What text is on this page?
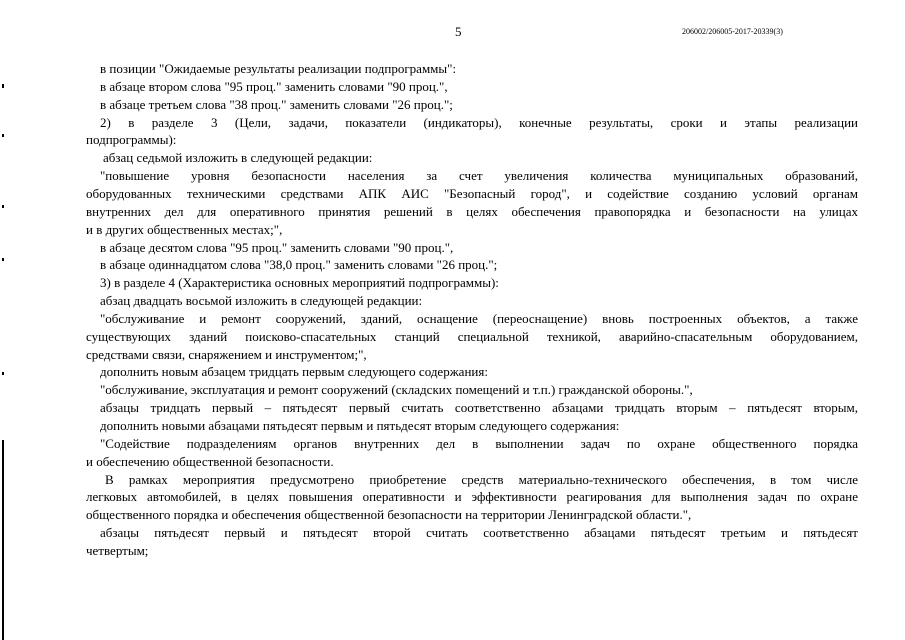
5	206002/206005-2017-20339(3)
в позиции "Ожидаемые результаты реализации подпрограммы":
в абзаце втором слова "95 проц." заменить словами "90 проц.",
в абзаце третьем слова "38 проц." заменить словами "26 проц.";
2) в разделе 3 (Цели, задачи, показатели (индикаторы), конечные результаты, сроки и этапы реализации
подпрограммы):
абзац седьмой изложить в следующей редакции:
"повышение уровня безопасности населения за счет увеличения количества муниципальных образований,
оборудованных техническими средствами АПК АИС "Безопасный город", и содействие созданию условий органам
внутренних дел для оперативного принятия решений в целях обеспечения правопорядка и безопасности на улицах
и в других общественных местах;",
в абзаце десятом слова "95 проц." заменить словами "90 проц.",
в абзаце одиннадцатом слова "38,0 проц." заменить словами "26 проц.";
3) в разделе 4 (Характеристика основных мероприятий подпрограммы):
абзац двадцать восьмой изложить в следующей редакции:
"обслуживание и ремонт сооружений, зданий, оснащение (переоснащение) вновь построенных объектов, а также
существующих зданий поисково-спасательных станций специальной техникой, аварийно-спасательным оборудованием,
средствами связи, снаряжением и инструментом;",
дополнить новым абзацем тридцать первым следующего содержания:
"обслуживание, эксплуатация и ремонт сооружений (складских помещений и т.п.) гражданской обороны.",
абзацы тридцать первый – пятьдесят первый считать соответственно абзацами тридцать вторым – пятьдесят вторым,
дополнить новыми абзацами пятьдесят первым и пятьдесят вторым следующего содержания:
"Содействие подразделениям органов внутренних дел в выполнении задач по охране общественного порядка
и обеспечению общественной безопасности.
В рамках мероприятия предусмотрено приобретение средств материально-технического обеспечения, в том числе
легковых автомобилей, в целях повышения оперативности и эффективности реагирования для выполнения задач по охране
общественного порядка и обеспечения общественной безопасности на территории Ленинградской области.",
абзацы пятьдесят первый и пятьдесят второй считать соответственно абзацами пятьдесят третьим и пятьдесят
четвертым;
